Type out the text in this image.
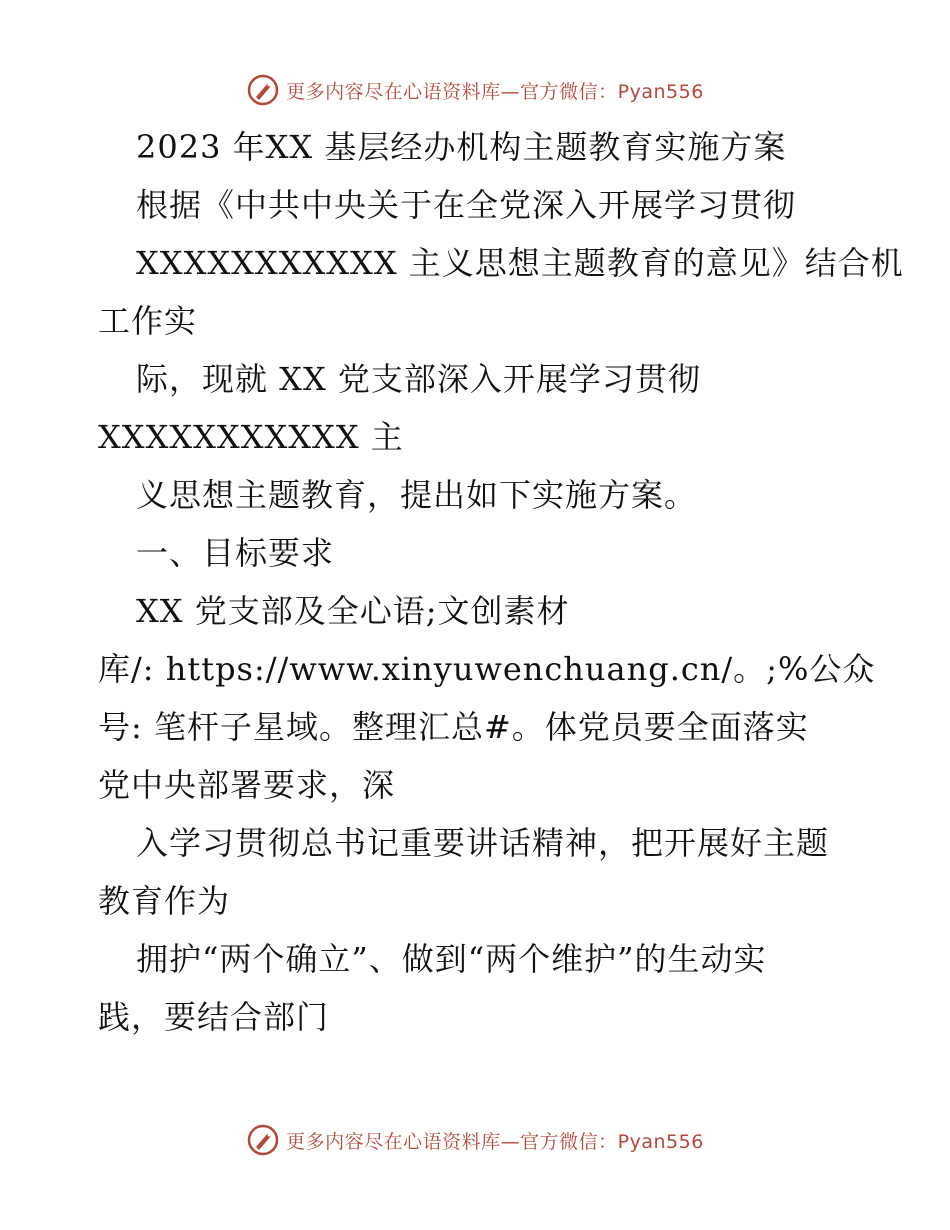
更多内容尽在心语资料库—官方微信：Pyan556
2023 年XX 基层经办机构主题教育实施方案
根据《中共中央关于在全党深入开展学习贯彻
XXXXXXXXXXX 主义思想主题教育的意见》结合机
工作实
际，现就 XX 党支部深入开展学习贯彻
XXXXXXXXXXX 主
义思想主题教育，提出如下实施方案。
一、目标要求
XX 党支部及全心语;文创素材
库/: https://www.xinyuwenchuang.cn/。;%公众
号: 笔杆子星域。整理汇总#。体党员要全面落实
党中央部署要求，深
入学习贯彻总书记重要讲话精神，把开展好主题
教育作为
拥护“两个确立”、做到“两个维护”的生动实
践，要结合部门
更多内容尽在心语资料库—官方微信：Pyan556
